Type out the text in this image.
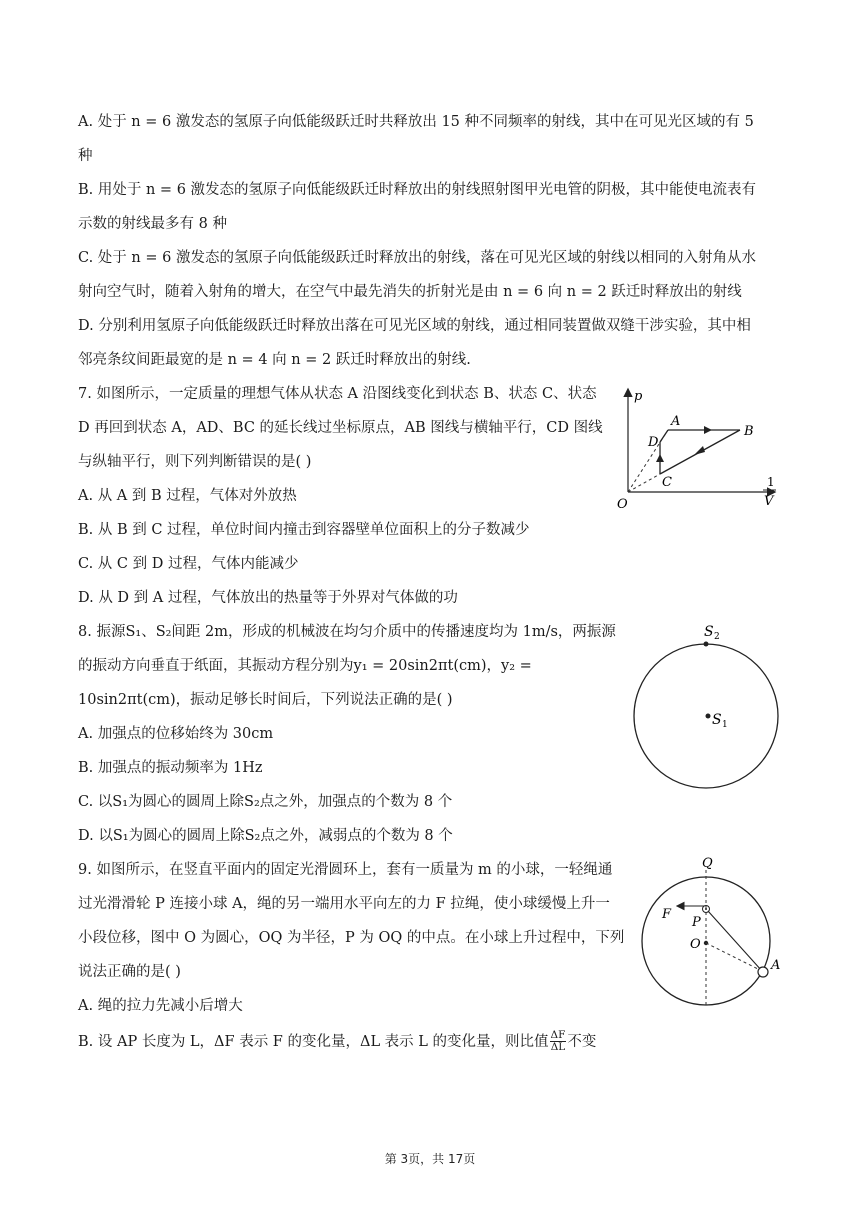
A. 处于 n = 6 激发态的氢原子向低能级跃迁时共释放出 15 种不同频率的射线，其中在可见光区域的有 5
种
B. 用处于 n = 6 激发态的氢原子向低能级跃迁时释放出的射线照射图甲光电管的阴极，其中能使电流表有
示数的射线最多有 8 种
C. 处于 n = 6 激发态的氢原子向低能级跃迁时释放出的射线，落在可见光区域的射线以相同的入射角从水
射向空气时，随着入射角的增大，在空气中最先消失的折射光是由 n = 6 向 n = 2 跃迁时释放出的射线
D. 分别利用氢原子向低能级跃迁时释放出落在可见光区域的射线，通过相同装置做双缝干涉实验，其中相
邻亮条纹间距最宽的是 n = 4 向 n = 2 跃迁时释放出的射线.
7. 如图所示，一定质量的理想气体从状态 A 沿图线变化到状态 B、状态 C、状态
D 再回到状态 A，AD、BC 的延长线过坐标原点，AB 图线与横轴平行，CD 图线
与纵轴平行，则下列判断错误的是( )
A. 从 A 到 B 过程，气体对外放热
B. 从 B 到 C 过程，单位时间内撞击到容器壁单位面积上的分子数减少
C. 从 C 到 D 过程，气体内能减少
D. 从 D 到 A 过程，气体放出的热量等于外界对气体做的功
p
O
1
V
A
B
C
D
8. 振源S₁、S₂间距 2m，形成的机械波在均匀介质中的传播速度均为 1m/s，两振源
的振动方向垂直于纸面，其振动方程分别为y₁ = 20sin2πt(cm)，y₂ =
10sin2πt(cm)，振动足够长时间后，下列说法正确的是( )
A. 加强点的位移始终为 30cm
B. 加强点的振动频率为 1Hz
C. 以S₁为圆心的圆周上除S₂点之外，加强点的个数为 8 个
D. 以S₁为圆心的圆周上除S₂点之外，减弱点的个数为 8 个
S 2
S 1
9. 如图所示，在竖直平面内的固定光滑圆环上，套有一质量为 m 的小球，一轻绳通
过光滑滑轮 P 连接小球 A，绳的另一端用水平向左的力 F 拉绳，使小球缓慢上升一
小段位移，图中 O 为圆心，OQ 为半径，P 为 OQ 的中点。在小球上升过程中，下列
说法正确的是( )
A. 绳的拉力先减小后增大
B. 设 AP 长度为 L，ΔF 表示 F 的变化量，ΔL 表示 L 的变化量，则比值 $\frac{\Delta F}{\Delta L}$ 不变
Q
F
P
O
A
第 3页，共 17页
